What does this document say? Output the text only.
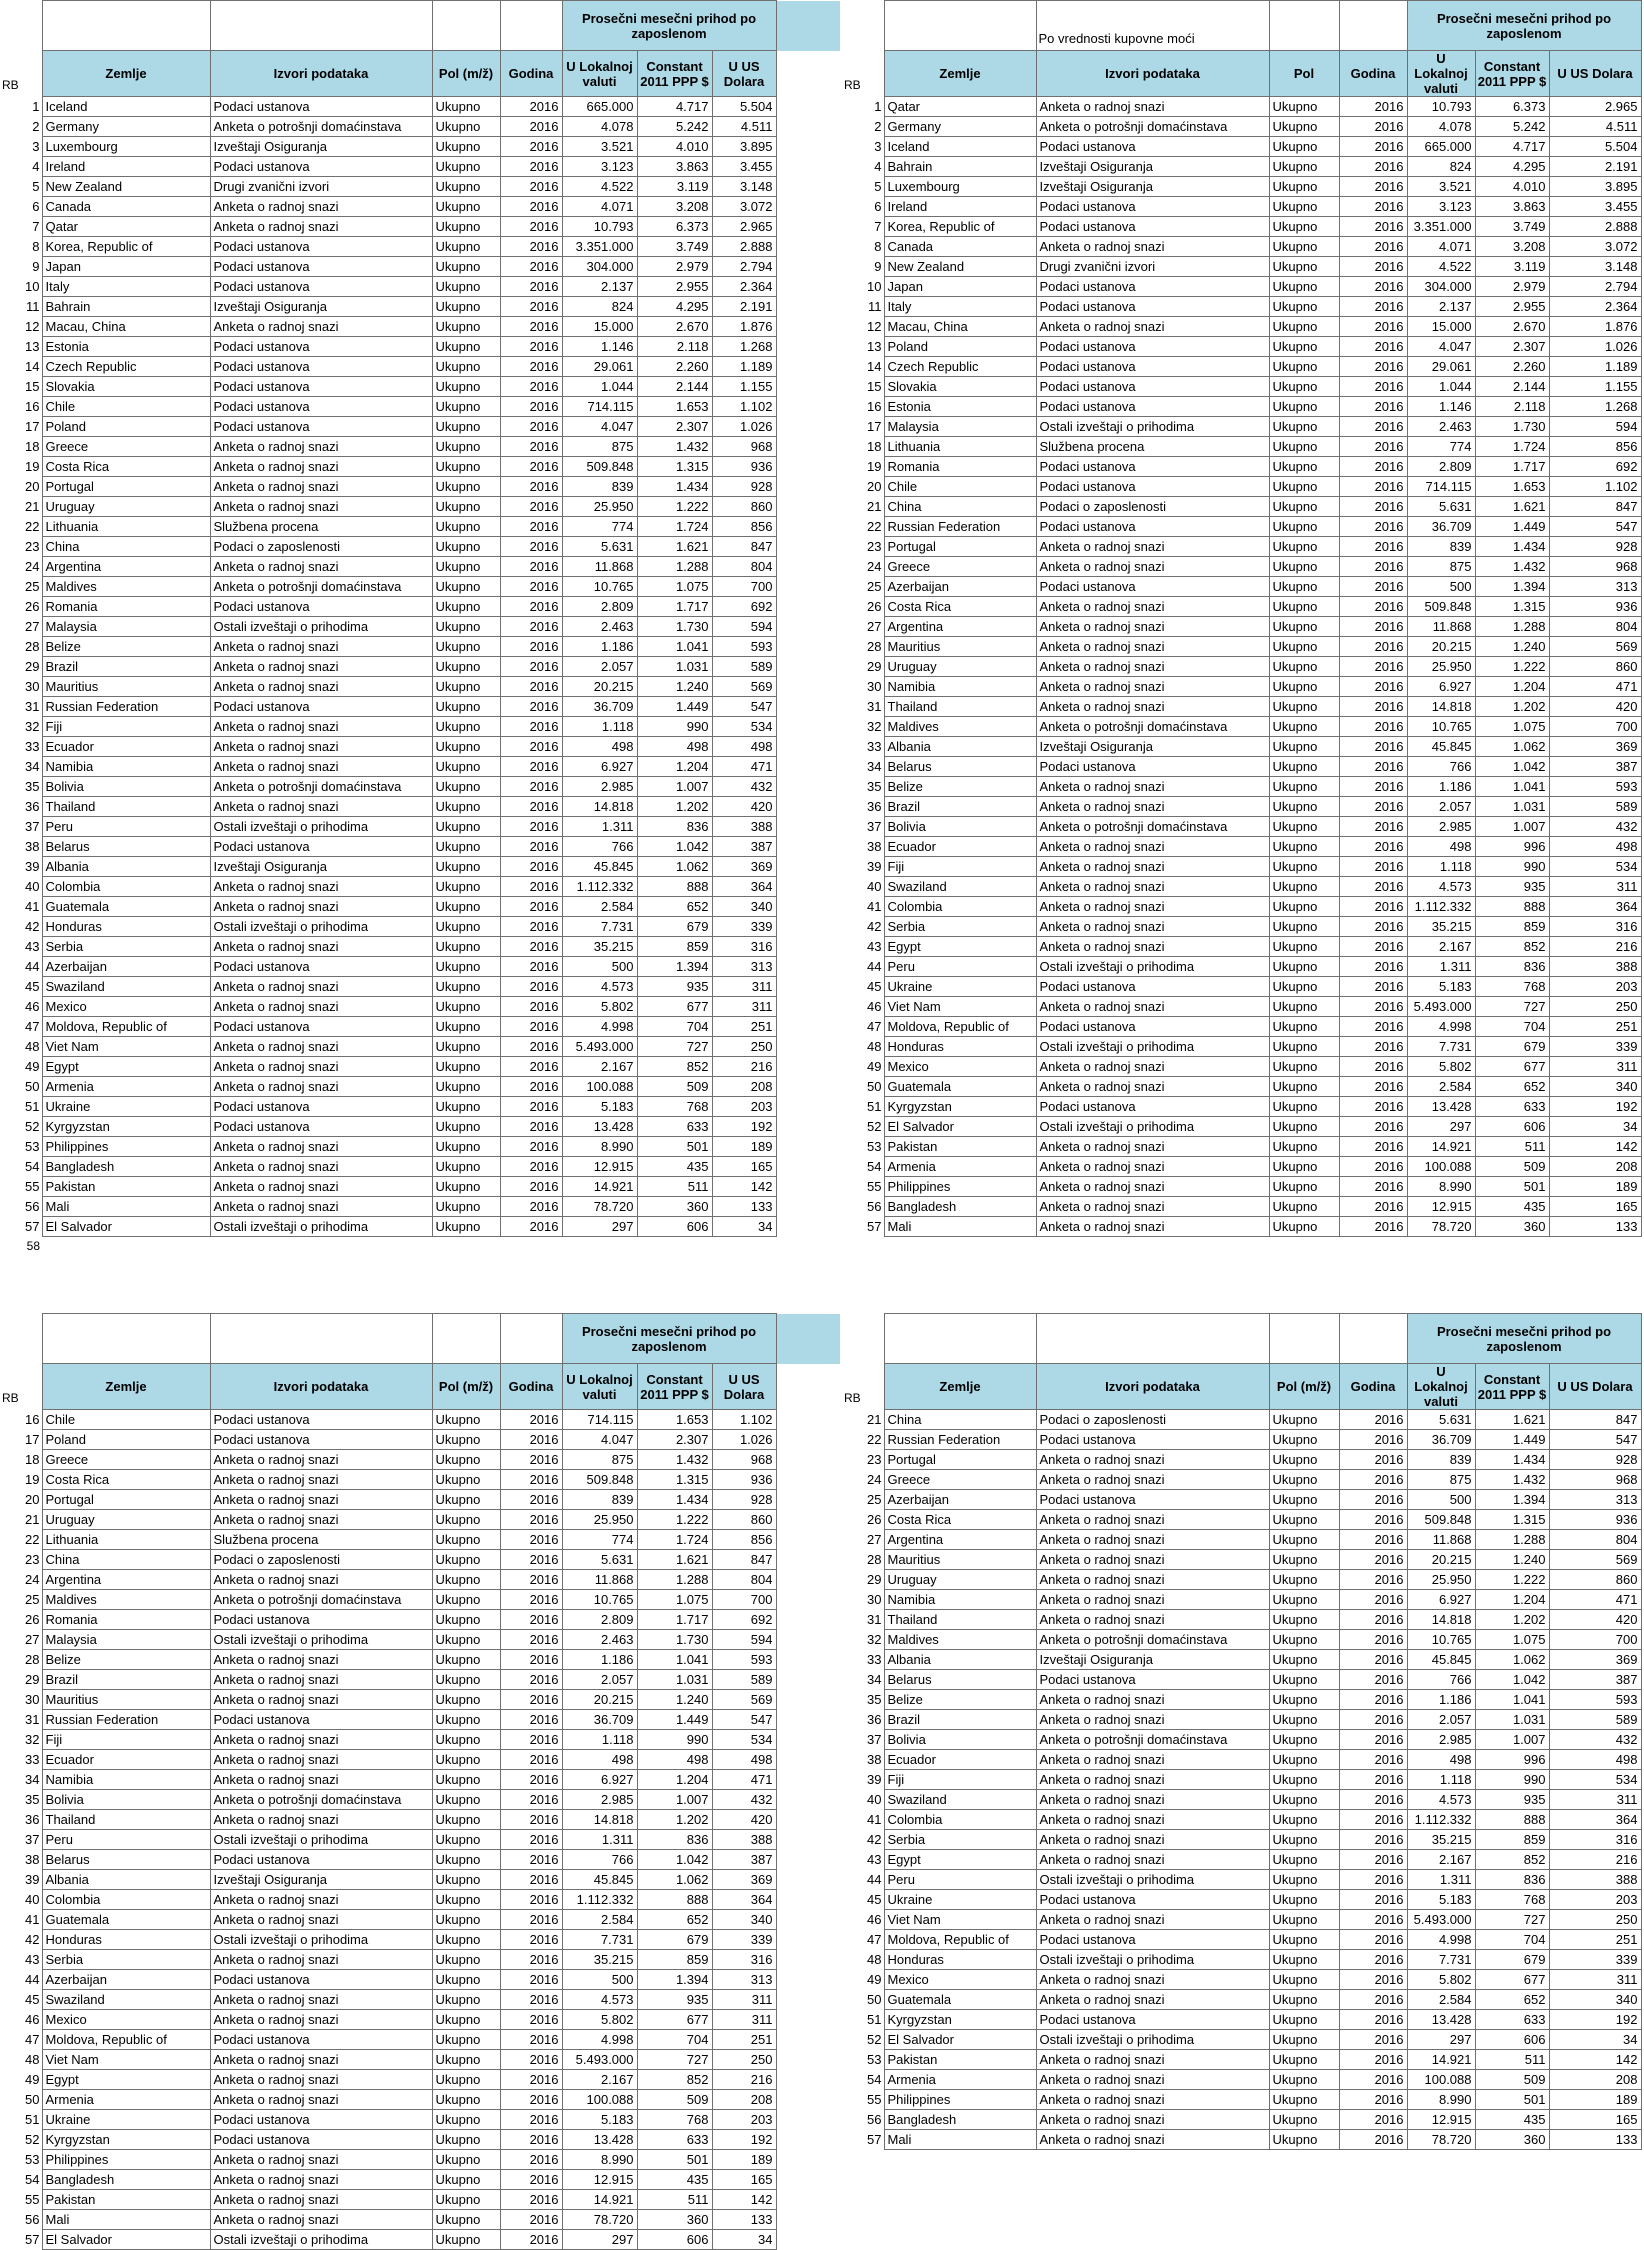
					Prosečni mesečni prihod po zaposlenom			
RB	Zemlje	Izvori podataka	Pol (m/ž)	Godina	U Lokalnoj valuti	Constant 2011 PPP $	U US Dolara	
1	Iceland	Podaci ustanova	Ukupno	2016	665.000	4.717	5.504	
2	Germany	Anketa o potrošnji domaćinstava	Ukupno	2016	4.078	5.242	4.511	
3	Luxembourg	Izveštaji Osiguranja	Ukupno	2016	3.521	4.010	3.895	
4	Ireland	Podaci ustanova	Ukupno	2016	3.123	3.863	3.455	
5	New Zealand	Drugi zvanični izvori	Ukupno	2016	4.522	3.119	3.148	
6	Canada	Anketa o radnoj snazi	Ukupno	2016	4.071	3.208	3.072	
7	Qatar	Anketa o radnoj snazi	Ukupno	2016	10.793	6.373	2.965	
8	Korea, Republic of	Podaci ustanova	Ukupno	2016	3.351.000	3.749	2.888	
9	Japan	Podaci ustanova	Ukupno	2016	304.000	2.979	2.794	
10	Italy	Podaci ustanova	Ukupno	2016	2.137	2.955	2.364	
11	Bahrain	Izveštaji Osiguranja	Ukupno	2016	824	4.295	2.191	
12	Macau, China	Anketa o radnoj snazi	Ukupno	2016	15.000	2.670	1.876	
13	Estonia	Podaci ustanova	Ukupno	2016	1.146	2.118	1.268	
14	Czech Republic	Podaci ustanova	Ukupno	2016	29.061	2.260	1.189	
15	Slovakia	Podaci ustanova	Ukupno	2016	1.044	2.144	1.155	
16	Chile	Podaci ustanova	Ukupno	2016	714.115	1.653	1.102	
17	Poland	Podaci ustanova	Ukupno	2016	4.047	2.307	1.026	
18	Greece	Anketa o radnoj snazi	Ukupno	2016	875	1.432	968	
19	Costa Rica	Anketa o radnoj snazi	Ukupno	2016	509.848	1.315	936	
20	Portugal	Anketa o radnoj snazi	Ukupno	2016	839	1.434	928	
21	Uruguay	Anketa o radnoj snazi	Ukupno	2016	25.950	1.222	860	
22	Lithuania	Službena procena	Ukupno	2016	774	1.724	856	
23	China	Podaci o zaposlenosti	Ukupno	2016	5.631	1.621	847	
24	Argentina	Anketa o radnoj snazi	Ukupno	2016	11.868	1.288	804	
25	Maldives	Anketa o potrošnji domaćinstava	Ukupno	2016	10.765	1.075	700	
26	Romania	Podaci ustanova	Ukupno	2016	2.809	1.717	692	
27	Malaysia	Ostali izveštaji o prihodima	Ukupno	2016	2.463	1.730	594	
28	Belize	Anketa o radnoj snazi	Ukupno	2016	1.186	1.041	593	
29	Brazil	Anketa o radnoj snazi	Ukupno	2016	2.057	1.031	589	
30	Mauritius	Anketa o radnoj snazi	Ukupno	2016	20.215	1.240	569	
31	Russian Federation	Podaci ustanova	Ukupno	2016	36.709	1.449	547	
32	Fiji	Anketa o radnoj snazi	Ukupno	2016	1.118	990	534	
33	Ecuador	Anketa o radnoj snazi	Ukupno	2016	498	498	498	
34	Namibia	Anketa o radnoj snazi	Ukupno	2016	6.927	1.204	471	
35	Bolivia	Anketa o potrošnji domaćinstava	Ukupno	2016	2.985	1.007	432	
36	Thailand	Anketa o radnoj snazi	Ukupno	2016	14.818	1.202	420	
37	Peru	Ostali izveštaji o prihodima	Ukupno	2016	1.311	836	388	
38	Belarus	Podaci ustanova	Ukupno	2016	766	1.042	387	
39	Albania	Izveštaji Osiguranja	Ukupno	2016	45.845	1.062	369	
40	Colombia	Anketa o radnoj snazi	Ukupno	2016	1.112.332	888	364	
41	Guatemala	Anketa o radnoj snazi	Ukupno	2016	2.584	652	340	
42	Honduras	Ostali izveštaji o prihodima	Ukupno	2016	7.731	679	339	
43	Serbia	Anketa o radnoj snazi	Ukupno	2016	35.215	859	316	
44	Azerbaijan	Podaci ustanova	Ukupno	2016	500	1.394	313	
45	Swaziland	Anketa o radnoj snazi	Ukupno	2016	4.573	935	311	
46	Mexico	Anketa o radnoj snazi	Ukupno	2016	5.802	677	311	
47	Moldova, Republic of	Podaci ustanova	Ukupno	2016	4.998	704	251	
48	Viet Nam	Anketa o radnoj snazi	Ukupno	2016	5.493.000	727	250	
49	Egypt	Anketa o radnoj snazi	Ukupno	2016	2.167	852	216	
50	Armenia	Anketa o radnoj snazi	Ukupno	2016	100.088	509	208	
51	Ukraine	Podaci ustanova	Ukupno	2016	5.183	768	203	
52	Kyrgyzstan	Podaci ustanova	Ukupno	2016	13.428	633	192	
53	Philippines	Anketa o radnoj snazi	Ukupno	2016	8.990	501	189	
54	Bangladesh	Anketa o radnoj snazi	Ukupno	2016	12.915	435	165	
55	Pakistan	Anketa o radnoj snazi	Ukupno	2016	14.921	511	142	
56	Mali	Anketa o radnoj snazi	Ukupno	2016	78.720	360	133	
57	El Salvador	Ostali izveštaji o prihodima	Ukupno	2016	297	606	34	
58								
		Po vrednosti kupovne moći			Prosečni mesečni prihod po zaposlenom		
RB	Zemlje	Izvori podataka	Pol	Godina	U Lokalnoj valuti	Constant 2011 PPP $	U US Dolara
1	Qatar	Anketa o radnoj snazi	Ukupno	2016	10.793	6.373	2.965
2	Germany	Anketa o potrošnji domaćinstava	Ukupno	2016	4.078	5.242	4.511
3	Iceland	Podaci ustanova	Ukupno	2016	665.000	4.717	5.504
4	Bahrain	Izveštaji Osiguranja	Ukupno	2016	824	4.295	2.191
5	Luxembourg	Izveštaji Osiguranja	Ukupno	2016	3.521	4.010	3.895
6	Ireland	Podaci ustanova	Ukupno	2016	3.123	3.863	3.455
7	Korea, Republic of	Podaci ustanova	Ukupno	2016	3.351.000	3.749	2.888
8	Canada	Anketa o radnoj snazi	Ukupno	2016	4.071	3.208	3.072
9	New Zealand	Drugi zvanični izvori	Ukupno	2016	4.522	3.119	3.148
10	Japan	Podaci ustanova	Ukupno	2016	304.000	2.979	2.794
11	Italy	Podaci ustanova	Ukupno	2016	2.137	2.955	2.364
12	Macau, China	Anketa o radnoj snazi	Ukupno	2016	15.000	2.670	1.876
13	Poland	Podaci ustanova	Ukupno	2016	4.047	2.307	1.026
14	Czech Republic	Podaci ustanova	Ukupno	2016	29.061	2.260	1.189
15	Slovakia	Podaci ustanova	Ukupno	2016	1.044	2.144	1.155
16	Estonia	Podaci ustanova	Ukupno	2016	1.146	2.118	1.268
17	Malaysia	Ostali izveštaji o prihodima	Ukupno	2016	2.463	1.730	594
18	Lithuania	Službena procena	Ukupno	2016	774	1.724	856
19	Romania	Podaci ustanova	Ukupno	2016	2.809	1.717	692
20	Chile	Podaci ustanova	Ukupno	2016	714.115	1.653	1.102
21	China	Podaci o zaposlenosti	Ukupno	2016	5.631	1.621	847
22	Russian Federation	Podaci ustanova	Ukupno	2016	36.709	1.449	547
23	Portugal	Anketa o radnoj snazi	Ukupno	2016	839	1.434	928
24	Greece	Anketa o radnoj snazi	Ukupno	2016	875	1.432	968
25	Azerbaijan	Podaci ustanova	Ukupno	2016	500	1.394	313
26	Costa Rica	Anketa o radnoj snazi	Ukupno	2016	509.848	1.315	936
27	Argentina	Anketa o radnoj snazi	Ukupno	2016	11.868	1.288	804
28	Mauritius	Anketa o radnoj snazi	Ukupno	2016	20.215	1.240	569
29	Uruguay	Anketa o radnoj snazi	Ukupno	2016	25.950	1.222	860
30	Namibia	Anketa o radnoj snazi	Ukupno	2016	6.927	1.204	471
31	Thailand	Anketa o radnoj snazi	Ukupno	2016	14.818	1.202	420
32	Maldives	Anketa o potrošnji domaćinstava	Ukupno	2016	10.765	1.075	700
33	Albania	Izveštaji Osiguranja	Ukupno	2016	45.845	1.062	369
34	Belarus	Podaci ustanova	Ukupno	2016	766	1.042	387
35	Belize	Anketa o radnoj snazi	Ukupno	2016	1.186	1.041	593
36	Brazil	Anketa o radnoj snazi	Ukupno	2016	2.057	1.031	589
37	Bolivia	Anketa o potrošnji domaćinstava	Ukupno	2016	2.985	1.007	432
38	Ecuador	Anketa o radnoj snazi	Ukupno	2016	498	996	498
39	Fiji	Anketa o radnoj snazi	Ukupno	2016	1.118	990	534
40	Swaziland	Anketa o radnoj snazi	Ukupno	2016	4.573	935	311
41	Colombia	Anketa o radnoj snazi	Ukupno	2016	1.112.332	888	364
42	Serbia	Anketa o radnoj snazi	Ukupno	2016	35.215	859	316
43	Egypt	Anketa o radnoj snazi	Ukupno	2016	2.167	852	216
44	Peru	Ostali izveštaji o prihodima	Ukupno	2016	1.311	836	388
45	Ukraine	Podaci ustanova	Ukupno	2016	5.183	768	203
46	Viet Nam	Anketa o radnoj snazi	Ukupno	2016	5.493.000	727	250
47	Moldova, Republic of	Podaci ustanova	Ukupno	2016	4.998	704	251
48	Honduras	Ostali izveštaji o prihodima	Ukupno	2016	7.731	679	339
49	Mexico	Anketa o radnoj snazi	Ukupno	2016	5.802	677	311
50	Guatemala	Anketa o radnoj snazi	Ukupno	2016	2.584	652	340
51	Kyrgyzstan	Podaci ustanova	Ukupno	2016	13.428	633	192
52	El Salvador	Ostali izveštaji o prihodima	Ukupno	2016	297	606	34
53	Pakistan	Anketa o radnoj snazi	Ukupno	2016	14.921	511	142
54	Armenia	Anketa o radnoj snazi	Ukupno	2016	100.088	509	208
55	Philippines	Anketa o radnoj snazi	Ukupno	2016	8.990	501	189
56	Bangladesh	Anketa o radnoj snazi	Ukupno	2016	12.915	435	165
57	Mali	Anketa o radnoj snazi	Ukupno	2016	78.720	360	133
					Prosečni mesečni prihod po zaposlenom			
RB	Zemlje	Izvori podataka	Pol (m/ž)	Godina	U Lokalnoj valuti	Constant 2011 PPP $	U US Dolara	
16	Chile	Podaci ustanova	Ukupno	2016	714.115	1.653	1.102	
17	Poland	Podaci ustanova	Ukupno	2016	4.047	2.307	1.026	
18	Greece	Anketa o radnoj snazi	Ukupno	2016	875	1.432	968	
19	Costa Rica	Anketa o radnoj snazi	Ukupno	2016	509.848	1.315	936	
20	Portugal	Anketa o radnoj snazi	Ukupno	2016	839	1.434	928	
21	Uruguay	Anketa o radnoj snazi	Ukupno	2016	25.950	1.222	860	
22	Lithuania	Službena procena	Ukupno	2016	774	1.724	856	
23	China	Podaci o zaposlenosti	Ukupno	2016	5.631	1.621	847	
24	Argentina	Anketa o radnoj snazi	Ukupno	2016	11.868	1.288	804	
25	Maldives	Anketa o potrošnji domaćinstava	Ukupno	2016	10.765	1.075	700	
26	Romania	Podaci ustanova	Ukupno	2016	2.809	1.717	692	
27	Malaysia	Ostali izveštaji o prihodima	Ukupno	2016	2.463	1.730	594	
28	Belize	Anketa o radnoj snazi	Ukupno	2016	1.186	1.041	593	
29	Brazil	Anketa o radnoj snazi	Ukupno	2016	2.057	1.031	589	
30	Mauritius	Anketa o radnoj snazi	Ukupno	2016	20.215	1.240	569	
31	Russian Federation	Podaci ustanova	Ukupno	2016	36.709	1.449	547	
32	Fiji	Anketa o radnoj snazi	Ukupno	2016	1.118	990	534	
33	Ecuador	Anketa o radnoj snazi	Ukupno	2016	498	498	498	
34	Namibia	Anketa o radnoj snazi	Ukupno	2016	6.927	1.204	471	
35	Bolivia	Anketa o potrošnji domaćinstava	Ukupno	2016	2.985	1.007	432	
36	Thailand	Anketa o radnoj snazi	Ukupno	2016	14.818	1.202	420	
37	Peru	Ostali izveštaji o prihodima	Ukupno	2016	1.311	836	388	
38	Belarus	Podaci ustanova	Ukupno	2016	766	1.042	387	
39	Albania	Izveštaji Osiguranja	Ukupno	2016	45.845	1.062	369	
40	Colombia	Anketa o radnoj snazi	Ukupno	2016	1.112.332	888	364	
41	Guatemala	Anketa o radnoj snazi	Ukupno	2016	2.584	652	340	
42	Honduras	Ostali izveštaji o prihodima	Ukupno	2016	7.731	679	339	
43	Serbia	Anketa o radnoj snazi	Ukupno	2016	35.215	859	316	
44	Azerbaijan	Podaci ustanova	Ukupno	2016	500	1.394	313	
45	Swaziland	Anketa o radnoj snazi	Ukupno	2016	4.573	935	311	
46	Mexico	Anketa o radnoj snazi	Ukupno	2016	5.802	677	311	
47	Moldova, Republic of	Podaci ustanova	Ukupno	2016	4.998	704	251	
48	Viet Nam	Anketa o radnoj snazi	Ukupno	2016	5.493.000	727	250	
49	Egypt	Anketa o radnoj snazi	Ukupno	2016	2.167	852	216	
50	Armenia	Anketa o radnoj snazi	Ukupno	2016	100.088	509	208	
51	Ukraine	Podaci ustanova	Ukupno	2016	5.183	768	203	
52	Kyrgyzstan	Podaci ustanova	Ukupno	2016	13.428	633	192	
53	Philippines	Anketa o radnoj snazi	Ukupno	2016	8.990	501	189	
54	Bangladesh	Anketa o radnoj snazi	Ukupno	2016	12.915	435	165	
55	Pakistan	Anketa o radnoj snazi	Ukupno	2016	14.921	511	142	
56	Mali	Anketa o radnoj snazi	Ukupno	2016	78.720	360	133	
57	El Salvador	Ostali izveštaji o prihodima	Ukupno	2016	297	606	34	
					Prosečni mesečni prihod po zaposlenom		
RB	Zemlje	Izvori podataka	Pol (m/ž)	Godina	U Lokalnoj valuti	Constant 2011 PPP $	U US Dolara
21	China	Podaci o zaposlenosti	Ukupno	2016	5.631	1.621	847
22	Russian Federation	Podaci ustanova	Ukupno	2016	36.709	1.449	547
23	Portugal	Anketa o radnoj snazi	Ukupno	2016	839	1.434	928
24	Greece	Anketa o radnoj snazi	Ukupno	2016	875	1.432	968
25	Azerbaijan	Podaci ustanova	Ukupno	2016	500	1.394	313
26	Costa Rica	Anketa o radnoj snazi	Ukupno	2016	509.848	1.315	936
27	Argentina	Anketa o radnoj snazi	Ukupno	2016	11.868	1.288	804
28	Mauritius	Anketa o radnoj snazi	Ukupno	2016	20.215	1.240	569
29	Uruguay	Anketa o radnoj snazi	Ukupno	2016	25.950	1.222	860
30	Namibia	Anketa o radnoj snazi	Ukupno	2016	6.927	1.204	471
31	Thailand	Anketa o radnoj snazi	Ukupno	2016	14.818	1.202	420
32	Maldives	Anketa o potrošnji domaćinstava	Ukupno	2016	10.765	1.075	700
33	Albania	Izveštaji Osiguranja	Ukupno	2016	45.845	1.062	369
34	Belarus	Podaci ustanova	Ukupno	2016	766	1.042	387
35	Belize	Anketa o radnoj snazi	Ukupno	2016	1.186	1.041	593
36	Brazil	Anketa o radnoj snazi	Ukupno	2016	2.057	1.031	589
37	Bolivia	Anketa o potrošnji domaćinstava	Ukupno	2016	2.985	1.007	432
38	Ecuador	Anketa o radnoj snazi	Ukupno	2016	498	996	498
39	Fiji	Anketa o radnoj snazi	Ukupno	2016	1.118	990	534
40	Swaziland	Anketa o radnoj snazi	Ukupno	2016	4.573	935	311
41	Colombia	Anketa o radnoj snazi	Ukupno	2016	1.112.332	888	364
42	Serbia	Anketa o radnoj snazi	Ukupno	2016	35.215	859	316
43	Egypt	Anketa o radnoj snazi	Ukupno	2016	2.167	852	216
44	Peru	Ostali izveštaji o prihodima	Ukupno	2016	1.311	836	388
45	Ukraine	Podaci ustanova	Ukupno	2016	5.183	768	203
46	Viet Nam	Anketa o radnoj snazi	Ukupno	2016	5.493.000	727	250
47	Moldova, Republic of	Podaci ustanova	Ukupno	2016	4.998	704	251
48	Honduras	Ostali izveštaji o prihodima	Ukupno	2016	7.731	679	339
49	Mexico	Anketa o radnoj snazi	Ukupno	2016	5.802	677	311
50	Guatemala	Anketa o radnoj snazi	Ukupno	2016	2.584	652	340
51	Kyrgyzstan	Podaci ustanova	Ukupno	2016	13.428	633	192
52	El Salvador	Ostali izveštaji o prihodima	Ukupno	2016	297	606	34
53	Pakistan	Anketa o radnoj snazi	Ukupno	2016	14.921	511	142
54	Armenia	Anketa o radnoj snazi	Ukupno	2016	100.088	509	208
55	Philippines	Anketa o radnoj snazi	Ukupno	2016	8.990	501	189
56	Bangladesh	Anketa o radnoj snazi	Ukupno	2016	12.915	435	165
57	Mali	Anketa o radnoj snazi	Ukupno	2016	78.720	360	133
